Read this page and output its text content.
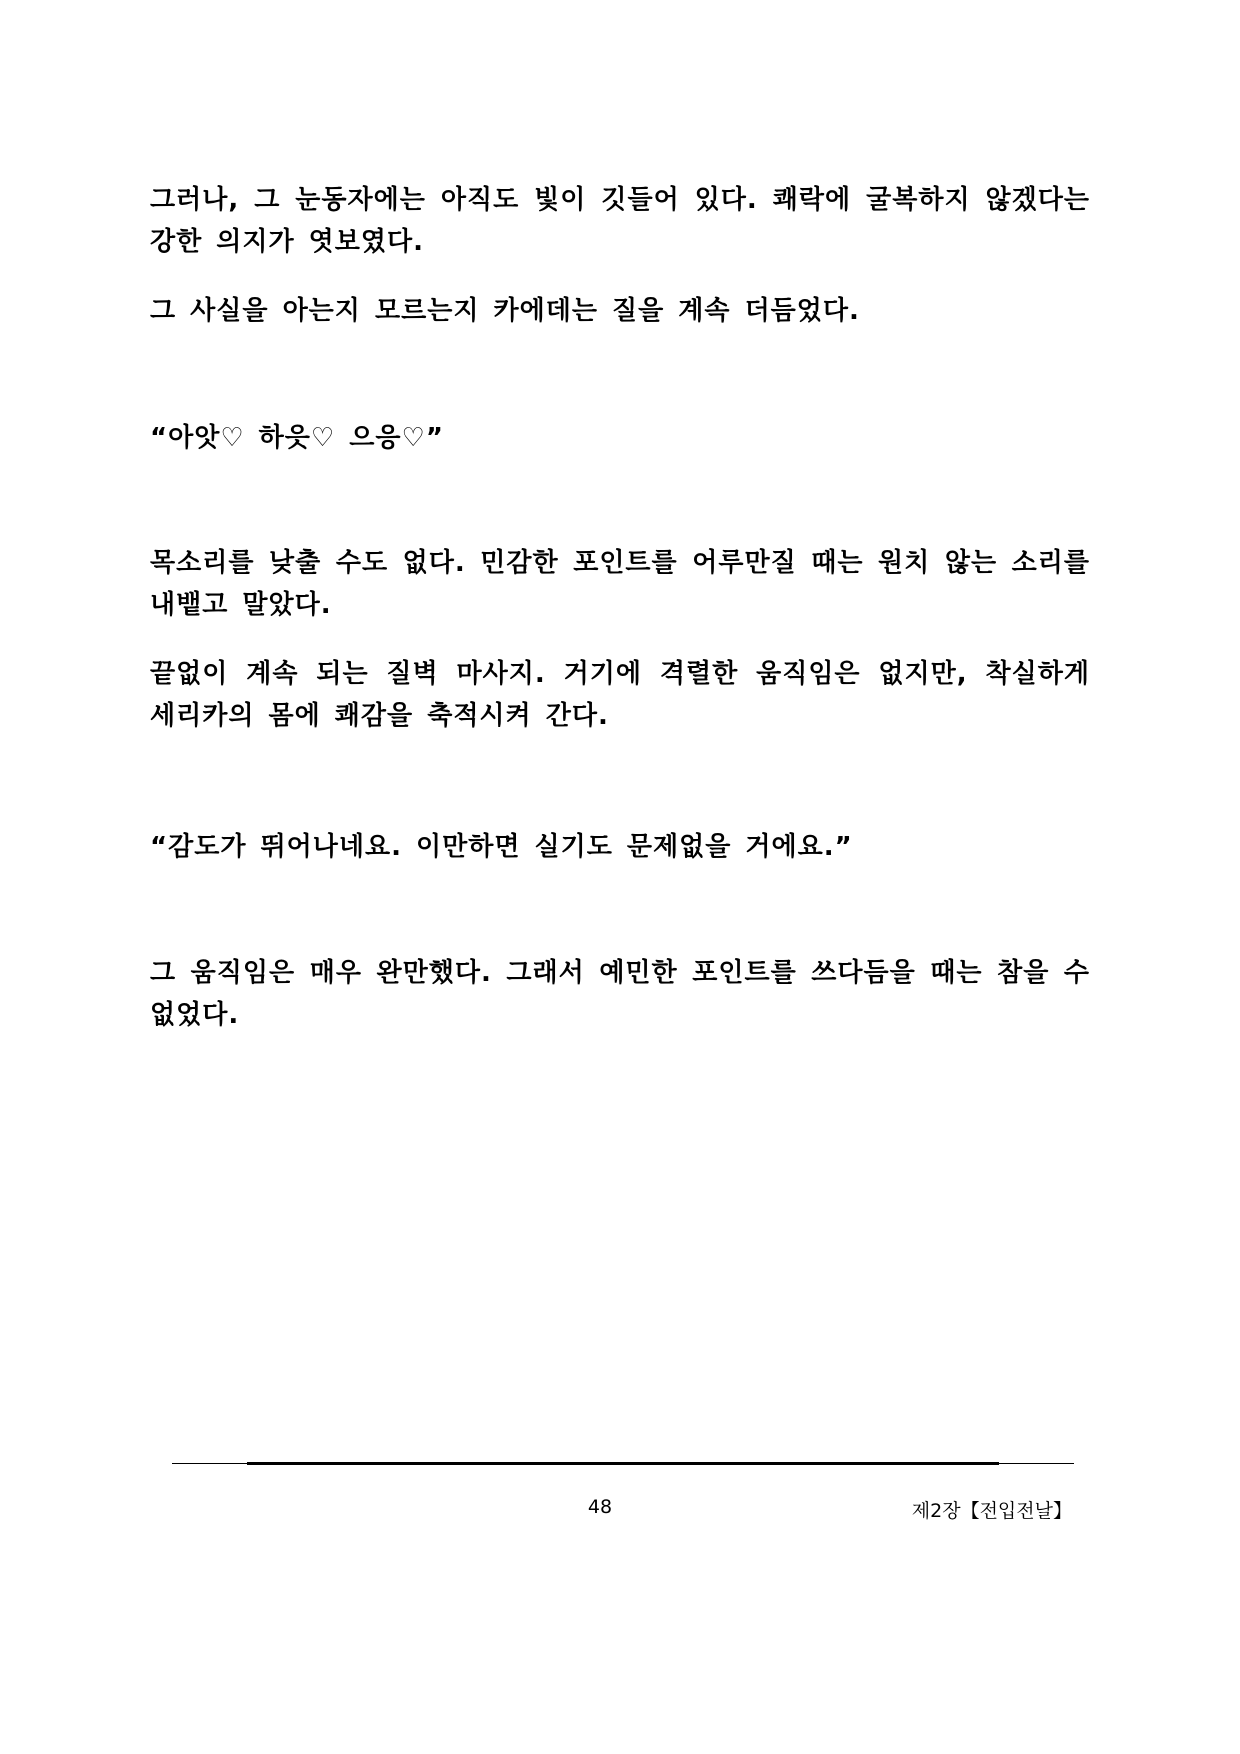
그러나, 그 눈동자에는 아직도 빛이 깃들어 있다. 쾌락에 굴복하지 않겠다는 강한 의지가 엿보였다.

그 사실을 아는지 모르는지 카에데는 질을 계속 더듬었다.

“아앗♡ 하읏♡ 으응♡”

목소리를 낮출 수도 없다. 민감한 포인트를 어루만질 때는 원치 않는 소리를 내뱉고 말았다.

끝없이 계속 되는 질벽 마사지. 거기에 격렬한 움직임은 없지만, 착실하게 세리카의 몸에 쾌감을 축적시켜 간다.

“감도가 뛰어나네요. 이만하면 실기도 문제없을 거에요.”

그 움직임은 매우 완만했다. 그래서 예민한 포인트를 쓰다듬을 때는 참을 수 없었다.

48	제2장【전입전날】
